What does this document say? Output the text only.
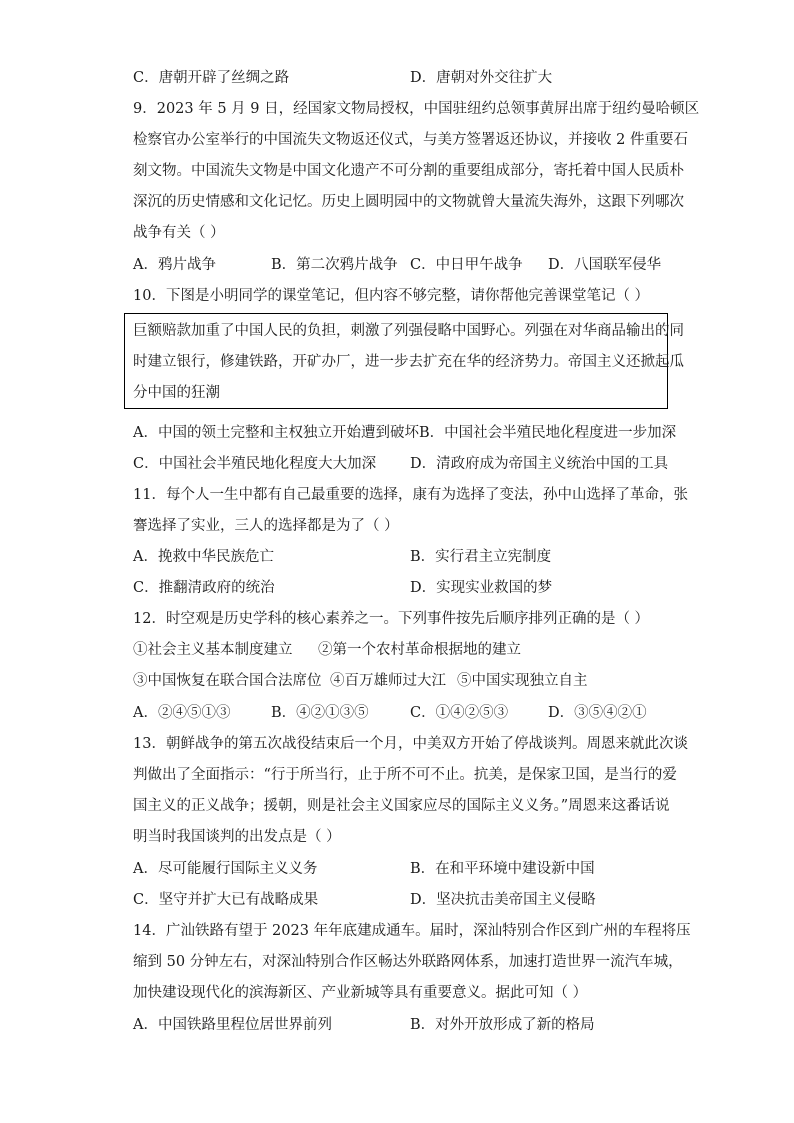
C．唐朝开辟了丝绸之路	D．唐朝对外交往扩大
9．2023 年 5 月 9 日，经国家文物局授权，中国驻纽约总领事黄屏出席于纽约曼哈顿区
检察官办公室举行的中国流失文物返还仪式，与美方签署返还协议，并接收 2 件重要石
刻文物。中国流失文物是中国文化遗产不可分割的重要组成部分，寄托着中国人民质朴
深沉的历史情感和文化记忆。历史上圆明园中的文物就曾大量流失海外，这跟下列哪次
战争有关（ ）
A．鸦片战争	B．第二次鸦片战争 C．中日甲午战争 D．八国联军侵华
10．下图是小明同学的课堂笔记，但内容不够完整，请你帮他完善课堂笔记（ ）
巨额赔款加重了中国人民的负担，刺激了列强侵略中国野心。列强在对华商品输出的同
时建立银行，修建铁路，开矿办厂，进一步去扩充在华的经济势力。帝国主义还掀起瓜
分中国的狂潮
A．中国的领土完整和主权独立开始遭到破坏B．中国社会半殖民地化程度进一步加深
C．中国社会半殖民地化程度大大加深 D．清政府成为帝国主义统治中国的工具
11．每个人一生中都有自己最重要的选择，康有为选择了变法，孙中山选择了革命，张
謇选择了实业，三人的选择都是为了（ ）
A．挽救中华民族危亡	B．实行君主立宪制度
C．推翻清政府的统治	D．实现实业救国的梦
12．时空观是历史学科的核心素养之一。下列事件按先后顺序排列正确的是（ ）
①社会主义基本制度建立 ②第一个农村革命根据地的建立
③中国恢复在联合国合法席位 ④百万雄师过大江 ⑤中国实现独立自主
A．②④⑤①③	B．④②①③⑤	C．①④②⑤③	D．③⑤④②①
13．朝鲜战争的第五次战役结束后一个月，中美双方开始了停战谈判。周恩来就此次谈
判做出了全面指示：“行于所当行，止于所不可不止。抗美，是保家卫国，是当行的爱
国主义的正义战争；援朝，则是社会主义国家应尽的国际主义义务。”周恩来这番话说
明当时我国谈判的出发点是（ ）
A．尽可能履行国际主义义务	B．在和平环境中建设新中国
C．坚守并扩大已有战略成果	D．坚决抗击美帝国主义侵略
14．广汕铁路有望于 2023 年年底建成通车。届时，深汕特别合作区到广州的车程将压
缩到 50 分钟左右，对深汕特别合作区畅达外联路网体系，加速打造世界一流汽车城，
加快建设现代化的滨海新区、产业新城等具有重要意义。据此可知（ ）
A．中国铁路里程位居世界前列	B．对外开放形成了新的格局
